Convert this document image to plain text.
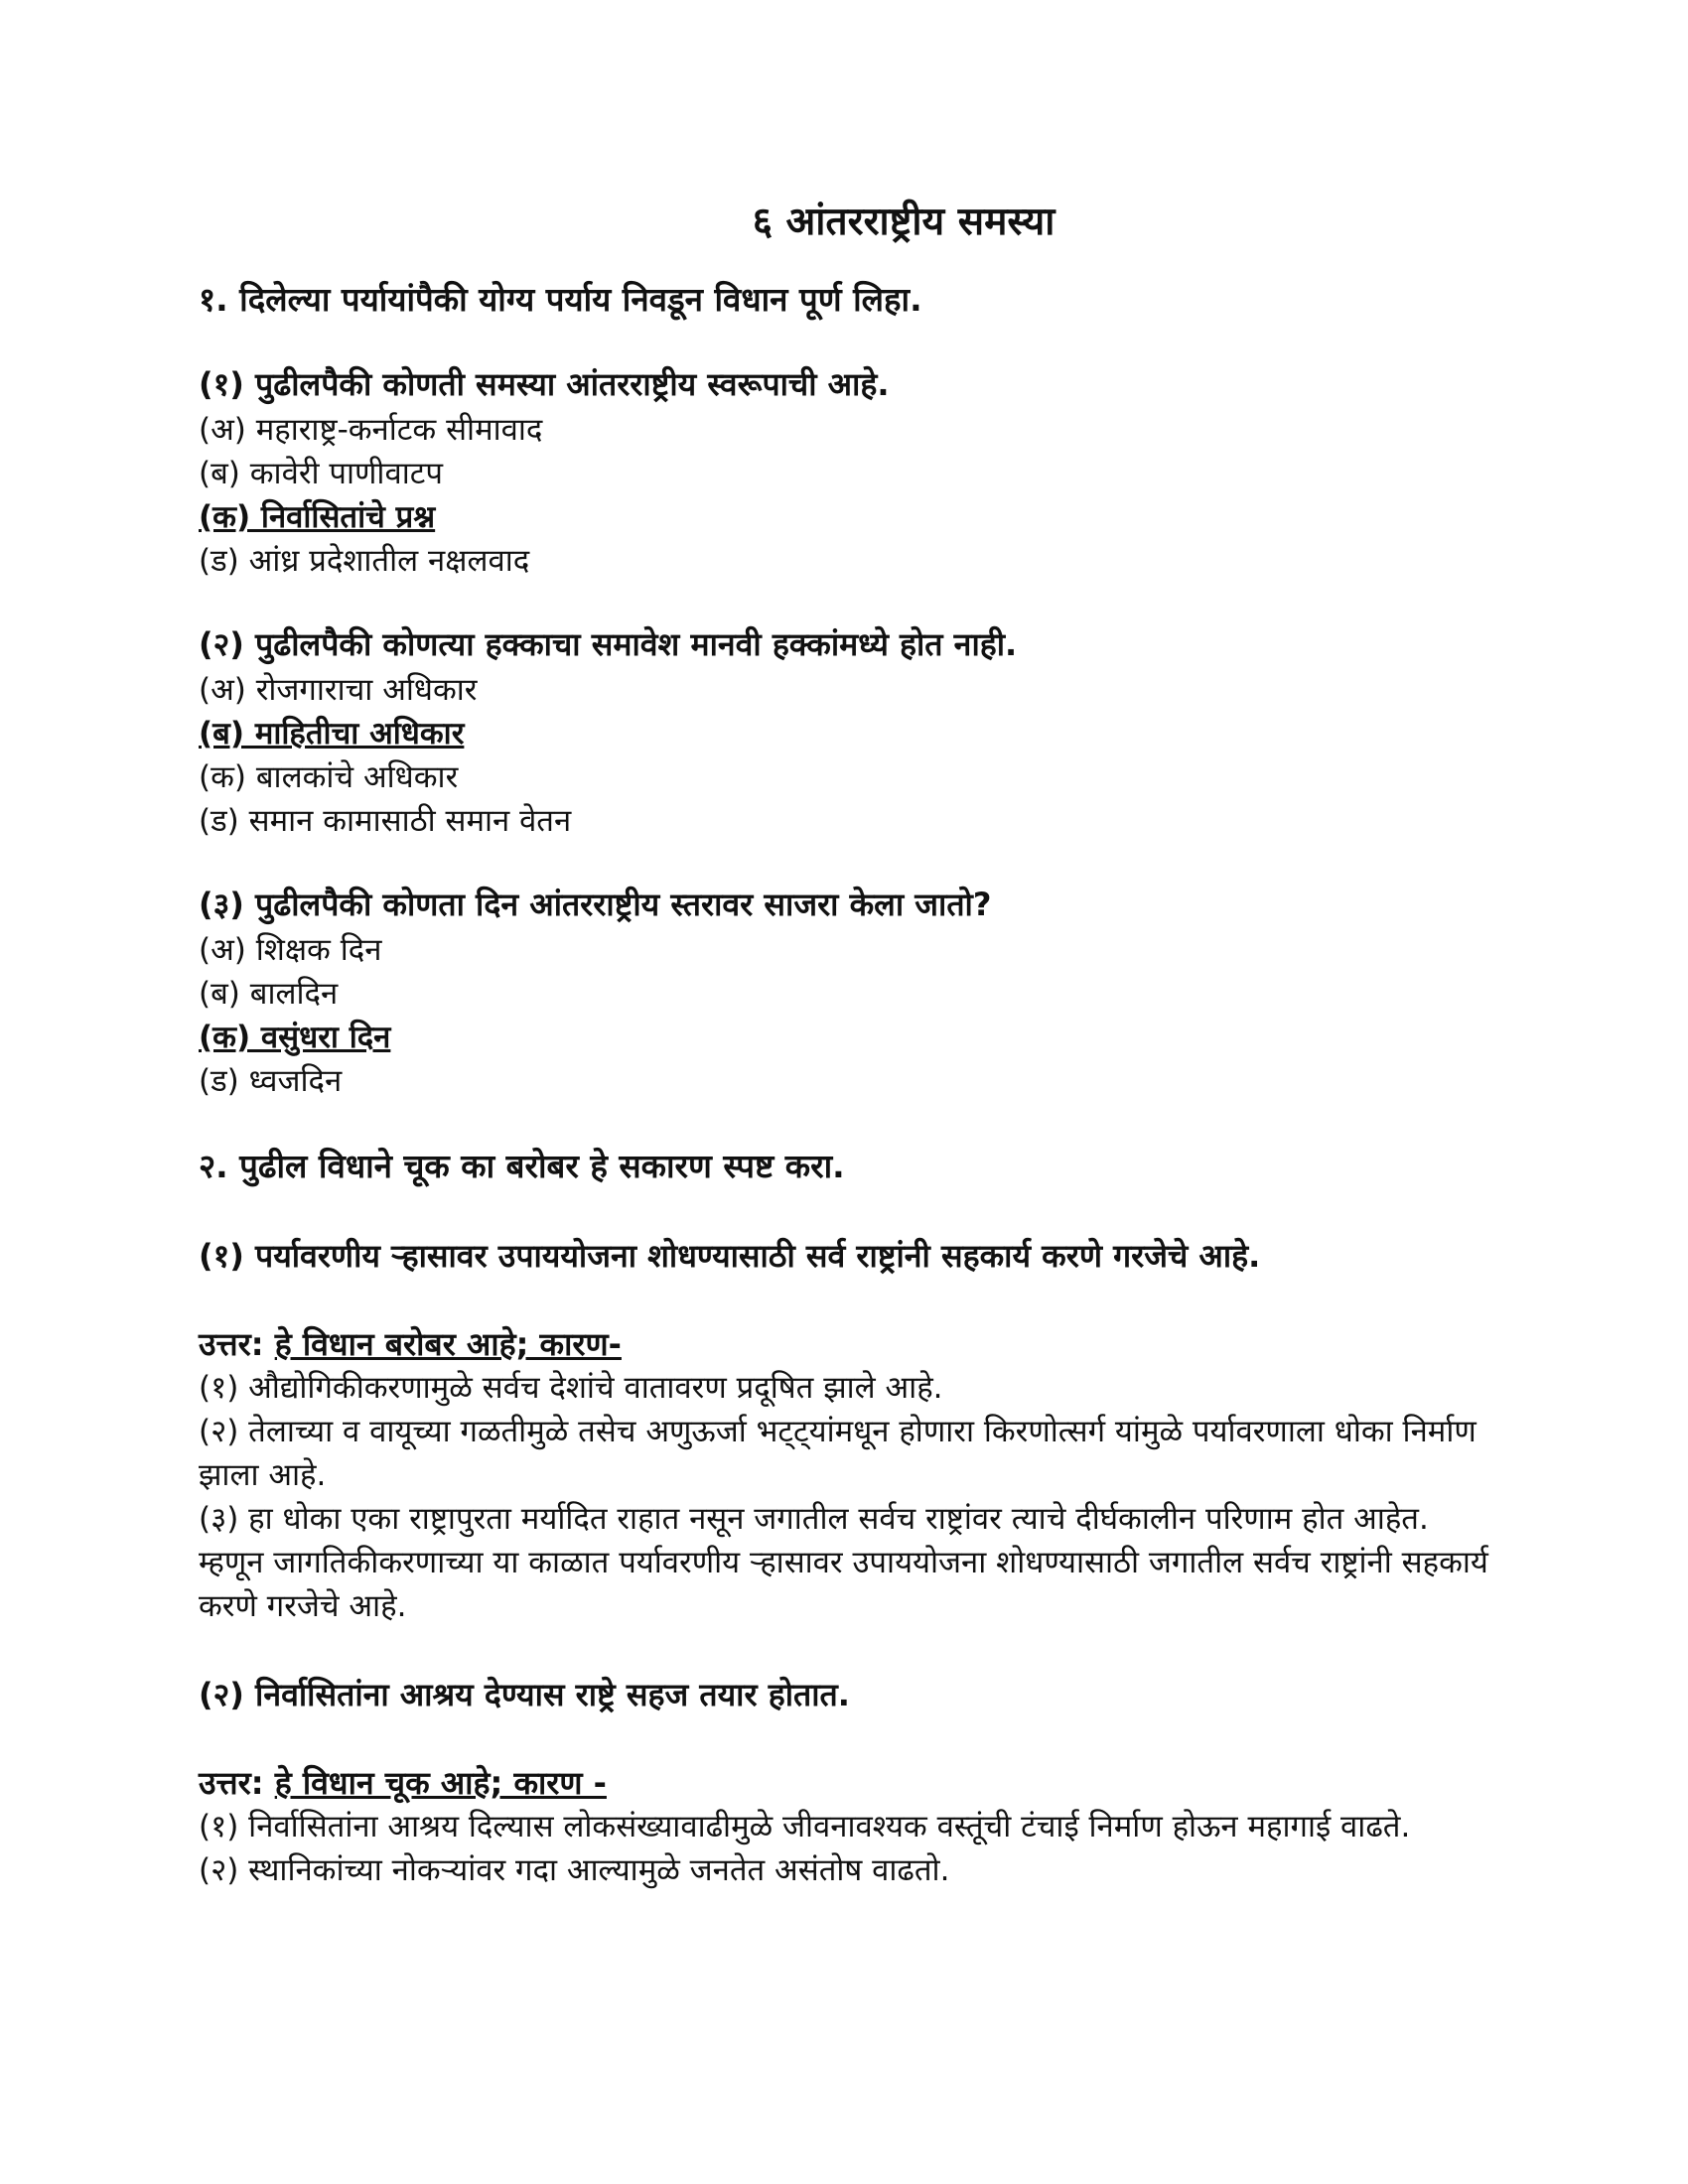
६ आंतरराष्ट्रीय समस्या

१. दिलेल्या पर्यायांपैकी योग्य पर्याय निवडून विधान पूर्ण लिहा.

(१) पुढीलपैकी कोणती समस्या आंतरराष्ट्रीय स्वरूपाची आहे.

(अ) महाराष्ट्र-कर्नाटक सीमावाद

(ब) कावेरी पाणीवाटप

(क) निर्वासितांचे प्रश्न

(ड) आंध्र प्रदेशातील नक्षलवाद

(२) पुढीलपैकी कोणत्या हक्काचा समावेश मानवी हक्कांमध्ये होत नाही.

(अ) रोजगाराचा अधिकार

(ब) माहितीचा अधिकार

(क) बालकांचे अधिकार

(ड) समान कामासाठी समान वेतन

(३) पुढीलपैकी कोणता दिन आंतरराष्ट्रीय स्तरावर साजरा केला जातो?

(अ) शिक्षक दिन

(ब) बालदिन

(क) वसुंधरा दिन

(ड) ध्वजदिन

२. पुढील विधाने चूक का बरोबर हे सकारण स्पष्ट करा.

(१) पर्यावरणीय ऱ्हासावर उपाययोजना शोधण्यासाठी सर्व राष्ट्रांनी सहकार्य करणे गरजेचे आहे.

उत्तर: हे विधान बरोबर आहे; कारण-

(१) औद्योगिकीकरणामुळे सर्वच देशांचे वातावरण प्रदूषित झाले आहे.

(२) तेलाच्या व वायूच्या गळतीमुळे तसेच अणुऊर्जा भट्ट्यांमधून होणारा किरणोत्सर्ग यांमुळे पर्यावरणाला धोका निर्माण झाला आहे.

(३) हा धोका एका राष्ट्रापुरता मर्यादित राहात नसून जगातील सर्वच राष्ट्रांवर त्याचे दीर्घकालीन परिणाम होत आहेत. म्हणून जागतिकीकरणाच्या या काळात पर्यावरणीय ऱ्हासावर उपाययोजना शोधण्यासाठी जगातील सर्वच राष्ट्रांनी सहकार्य करणे गरजेचे आहे.

(२) निर्वासितांना आश्रय देण्यास राष्ट्रे सहज तयार होतात.

उत्तर: हे विधान चूक आहे; कारण -

(१) निर्वासितांना आश्रय दिल्यास लोकसंख्यावाढीमुळे जीवनावश्यक वस्तूंची टंचाई निर्माण होऊन महागाई वाढते.

(२) स्थानिकांच्या नोकऱ्यांवर गदा आल्यामुळे जनतेत असंतोष वाढतो.
